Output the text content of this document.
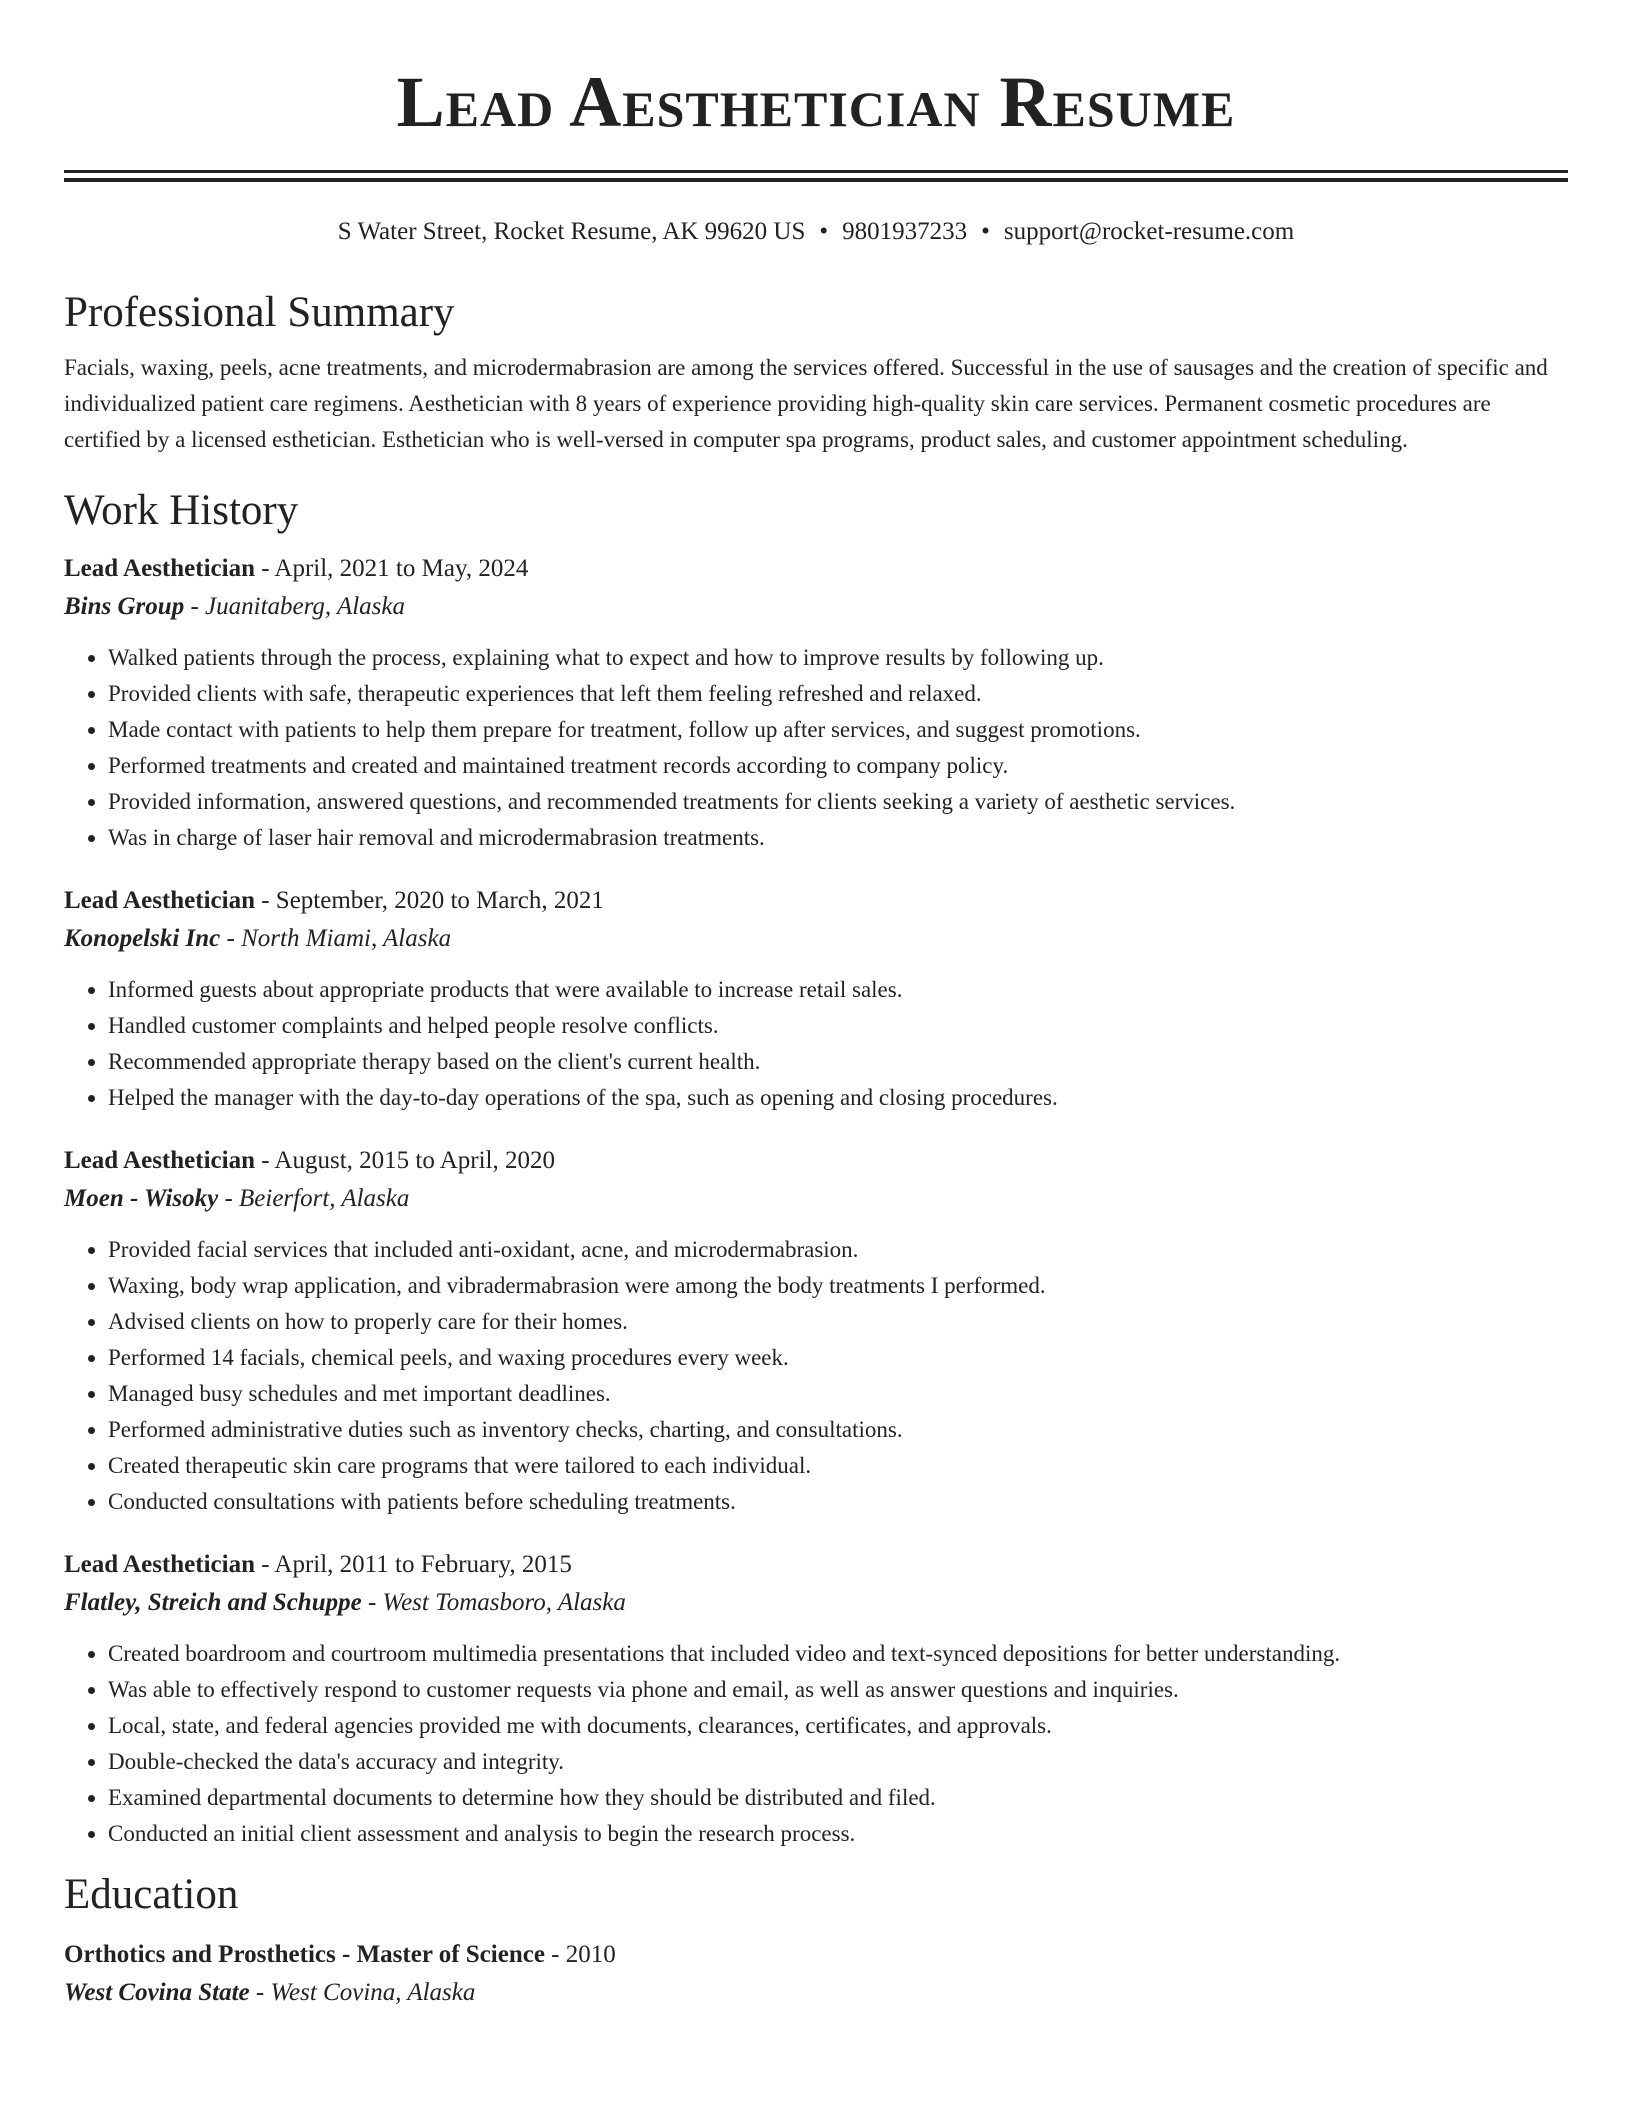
Lead Aesthetician Resume
S Water Street, Rocket Resume, AK 99620 US • 9801937233 • support@rocket-resume.com
Professional Summary
Facials, waxing, peels, acne treatments, and microdermabrasion are among the services offered. Successful in the use of sausages and the creation of specific and individualized patient care regimens. Aesthetician with 8 years of experience providing high-quality skin care services. Permanent cosmetic procedures are certified by a licensed esthetician. Esthetician who is well-versed in computer spa programs, product sales, and customer appointment scheduling.
Work History
Lead Aesthetician - April, 2021 to May, 2024
Bins Group - Juanitaberg, Alaska
• Walked patients through the process, explaining what to expect and how to improve results by following up.
• Provided clients with safe, therapeutic experiences that left them feeling refreshed and relaxed.
• Made contact with patients to help them prepare for treatment, follow up after services, and suggest promotions.
• Performed treatments and created and maintained treatment records according to company policy.
• Provided information, answered questions, and recommended treatments for clients seeking a variety of aesthetic services.
• Was in charge of laser hair removal and microdermabrasion treatments.
Lead Aesthetician - September, 2020 to March, 2021
Konopelski Inc - North Miami, Alaska
• Informed guests about appropriate products that were available to increase retail sales.
• Handled customer complaints and helped people resolve conflicts.
• Recommended appropriate therapy based on the client's current health.
• Helped the manager with the day-to-day operations of the spa, such as opening and closing procedures.
Lead Aesthetician - August, 2015 to April, 2020
Moen - Wisoky - Beierfort, Alaska
• Provided facial services that included anti-oxidant, acne, and microdermabrasion.
• Waxing, body wrap application, and vibradermabrasion were among the body treatments I performed.
• Advised clients on how to properly care for their homes.
• Performed 14 facials, chemical peels, and waxing procedures every week.
• Managed busy schedules and met important deadlines.
• Performed administrative duties such as inventory checks, charting, and consultations.
• Created therapeutic skin care programs that were tailored to each individual.
• Conducted consultations with patients before scheduling treatments.
Lead Aesthetician - April, 2011 to February, 2015
Flatley, Streich and Schuppe - West Tomasboro, Alaska
• Created boardroom and courtroom multimedia presentations that included video and text-synced depositions for better understanding.
• Was able to effectively respond to customer requests via phone and email, as well as answer questions and inquiries.
• Local, state, and federal agencies provided me with documents, clearances, certificates, and approvals.
• Double-checked the data's accuracy and integrity.
• Examined departmental documents to determine how they should be distributed and filed.
• Conducted an initial client assessment and analysis to begin the research process.
Education
Orthotics and Prosthetics - Master of Science - 2010
West Covina State - West Covina, Alaska
